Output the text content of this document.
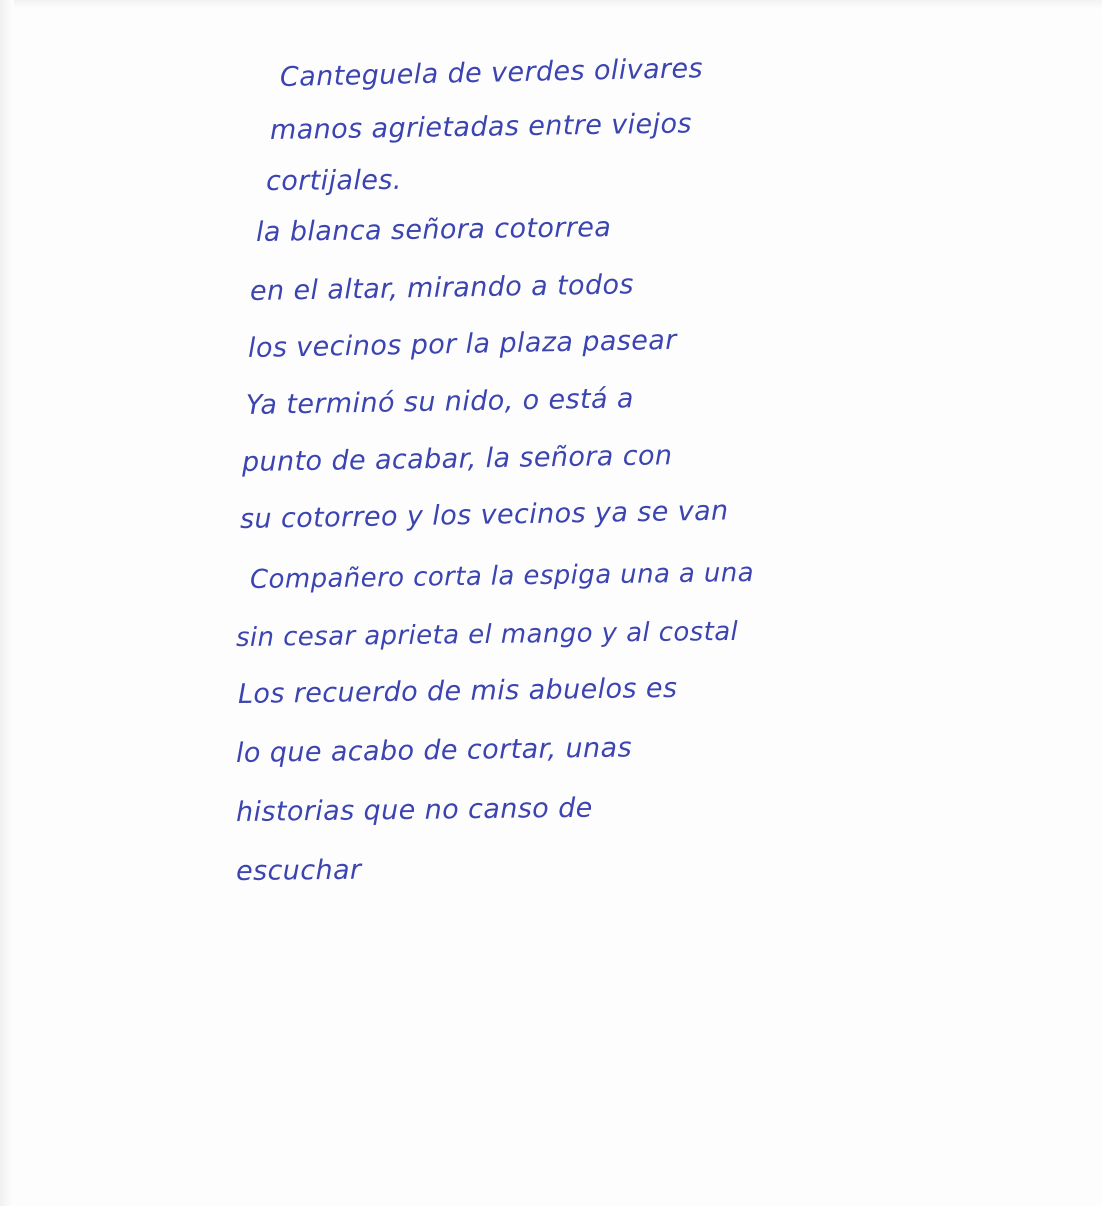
Canteguela de verdes olivares
manos agrietadas entre viejos
cortijales.
la blanca señora cotorrea
en el altar, mirando a todos
los vecinos por la plaza pasear
Ya terminó su nido, o está a
punto de acabar, la señora con
su cotorreo y los vecinos ya se van
Compañero corta la espiga una a una
sin cesar aprieta el mango y al costal
Los recuerdo de mis abuelos es
lo que acabo de cortar, unas
historias que no canso de
escuchar
